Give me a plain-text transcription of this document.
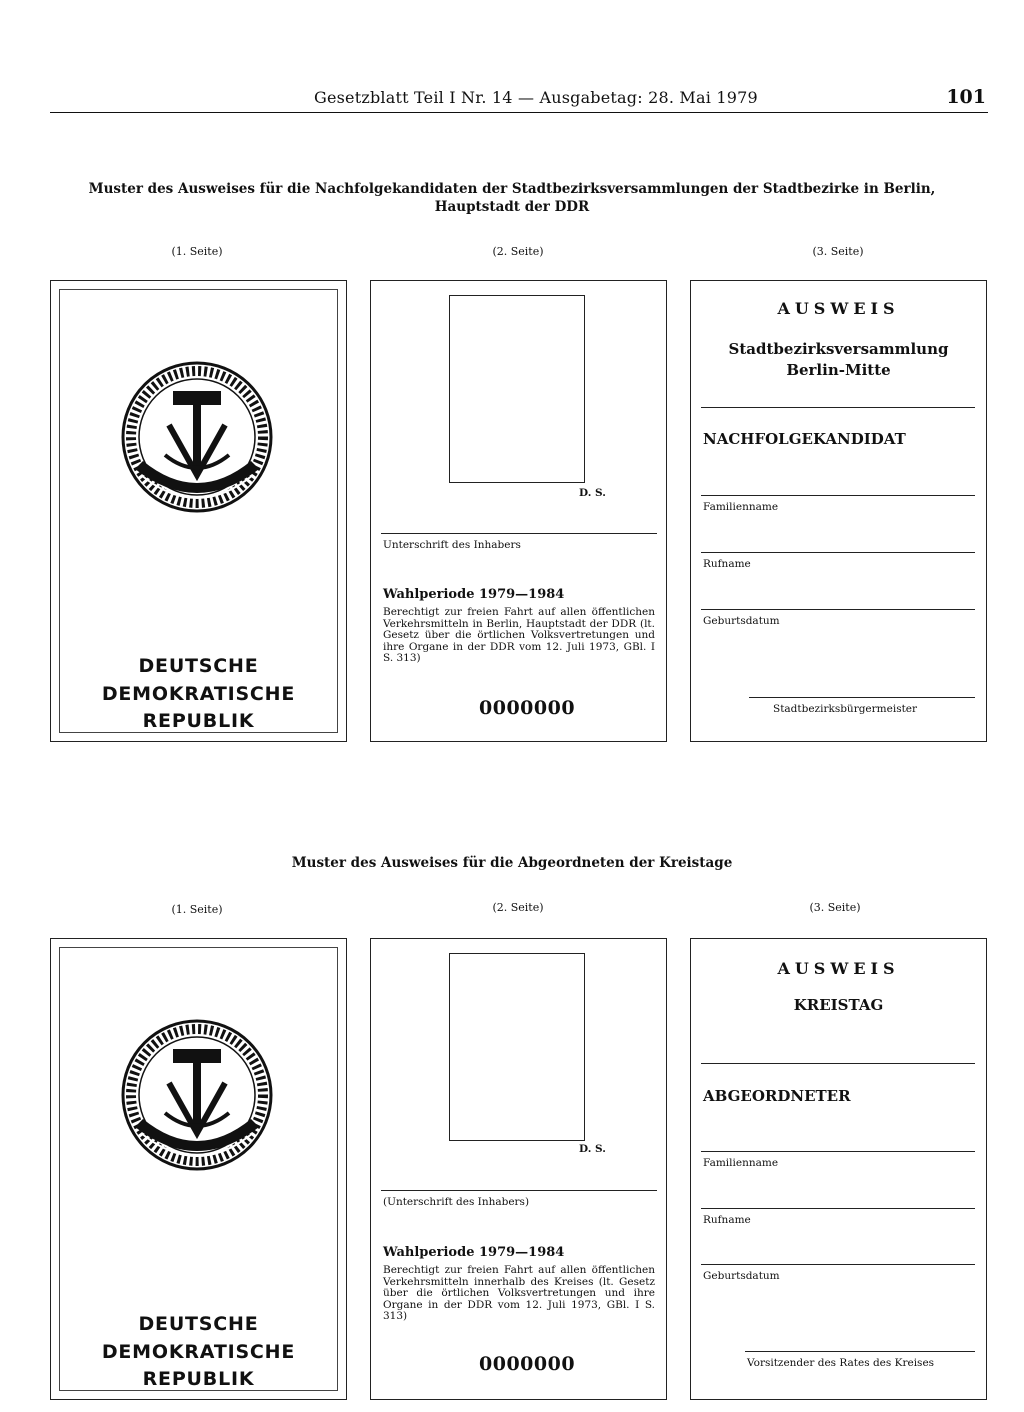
Gesetzblatt Teil I Nr. 14 — Ausgabetag: 28. Mai 1979	101
Muster des Ausweises für die Nachfolgekandidaten der Stadtbezirksversammlungen der Stadtbezirke in Berlin,
Hauptstadt der DDR
(1. Seite)	(2. Seite)	(3. Seite)
DEUTSCHE
DEMOKRATISCHE REPUBLIK
D. S.
Unterschrift des Inhabers
Wahlperiode 1979—1984
Berechtigt zur freien Fahrt auf allen öffentlichen Verkehrsmitteln in Berlin, Hauptstadt der DDR (lt. Gesetz über die örtlichen Volksvertretungen und ihre Organe in der DDR vom 12. Juli 1973, GBl. I S. 313)
0000000
AUSWEIS
Stadtbezirksversammlung
Berlin-Mitte
NACHFOLGEKANDIDAT
Familienname
Rufname
Geburtsdatum
Stadtbezirksbürgermeister
Muster des Ausweises für die Abgeordneten der Kreistage
(1. Seite)	(2. Seite)	(3. Seite)
DEUTSCHE
DEMOKRATISCHE REPUBLIK
D. S.
(Unterschrift des Inhabers)
Wahlperiode 1979—1984
Berechtigt zur freien Fahrt auf allen öffentlichen Verkehrsmitteln innerhalb des Kreises (lt. Gesetz über die örtlichen Volksvertretungen und ihre Organe in der DDR vom 12. Juli 1973, GBl. I S. 313)
0000000
AUSWEIS
KREISTAG
ABGEORDNETER
Familienname
Rufname
Geburtsdatum
Vorsitzender des Rates des Kreises
